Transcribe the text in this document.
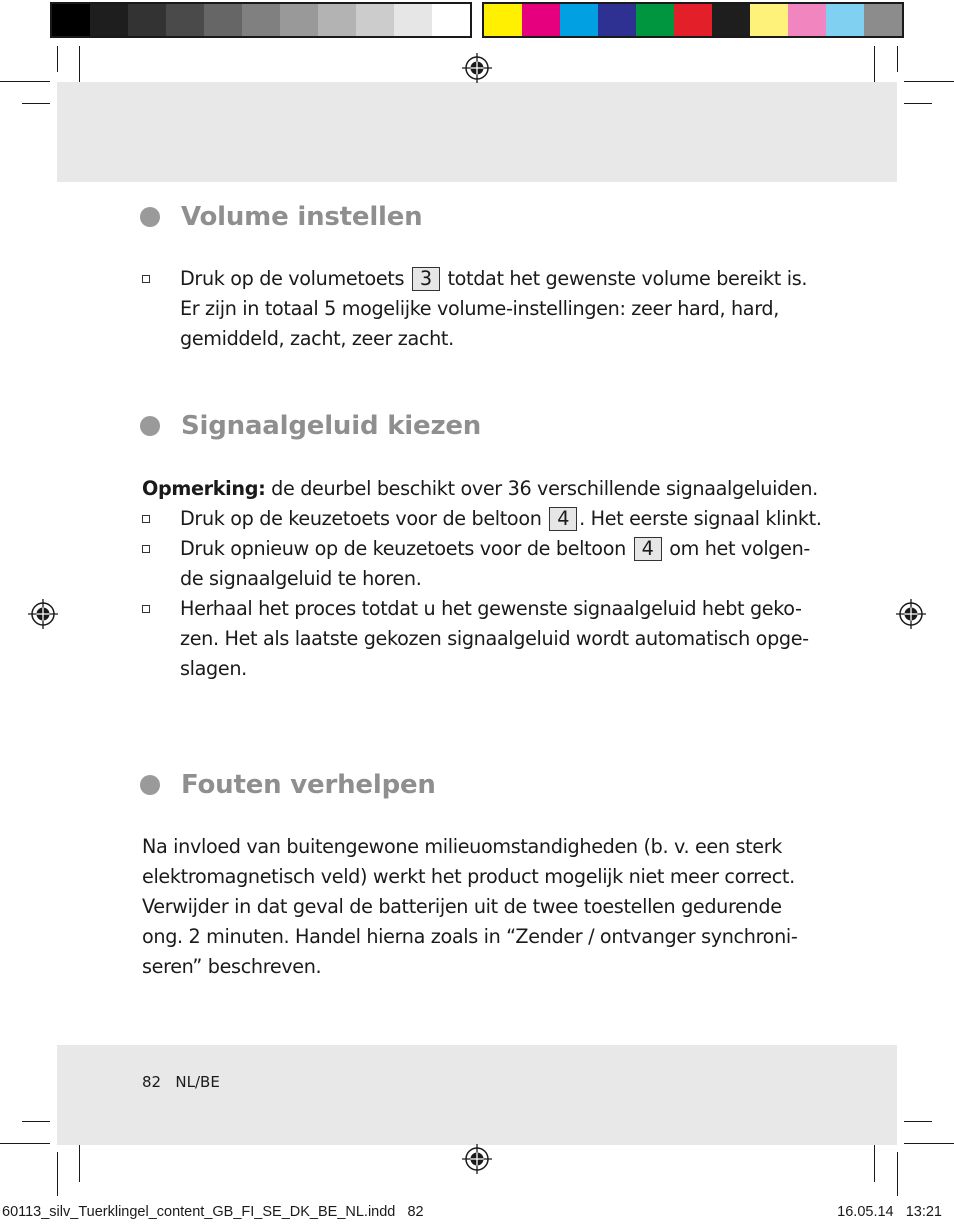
Volume instellen
Druk op de volumetoets 3 totdat het gewenste volume bereikt is. Er zijn in totaal 5 mogelijke volume-instellingen: zeer hard, hard, gemiddeld, zacht, zeer zacht.
Signaalgeluid kiezen
Opmerking: de deurbel beschikt over 36 verschillende signaalgeluiden.
Druk op de keuzetoets voor de beltoon 4 . Het eerste signaal klinkt.
Druk opnieuw op de keuzetoets voor de beltoon 4 om het volgen-de signaalgeluid te horen.
Herhaal het proces totdat u het gewenste signaalgeluid hebt geko-zen. Het als laatste gekozen signaalgeluid wordt automatisch opge-slagen.
Fouten verhelpen
Na invloed van buitengewone milieuomstandigheden (b. v. een sterk elektromagnetisch veld) werkt het product mogelijk niet meer correct. Verwijder in dat geval de batterijen uit de twee toestellen gedurende ong. 2 minuten. Handel hierna zoals in “Zender / ontvanger synchroni-seren” beschreven.
82 NL/BE
60113_silv_Tuerklingel_content_GB_FI_SE_DK_BE_NL.indd   82	16.05.14   13:21
